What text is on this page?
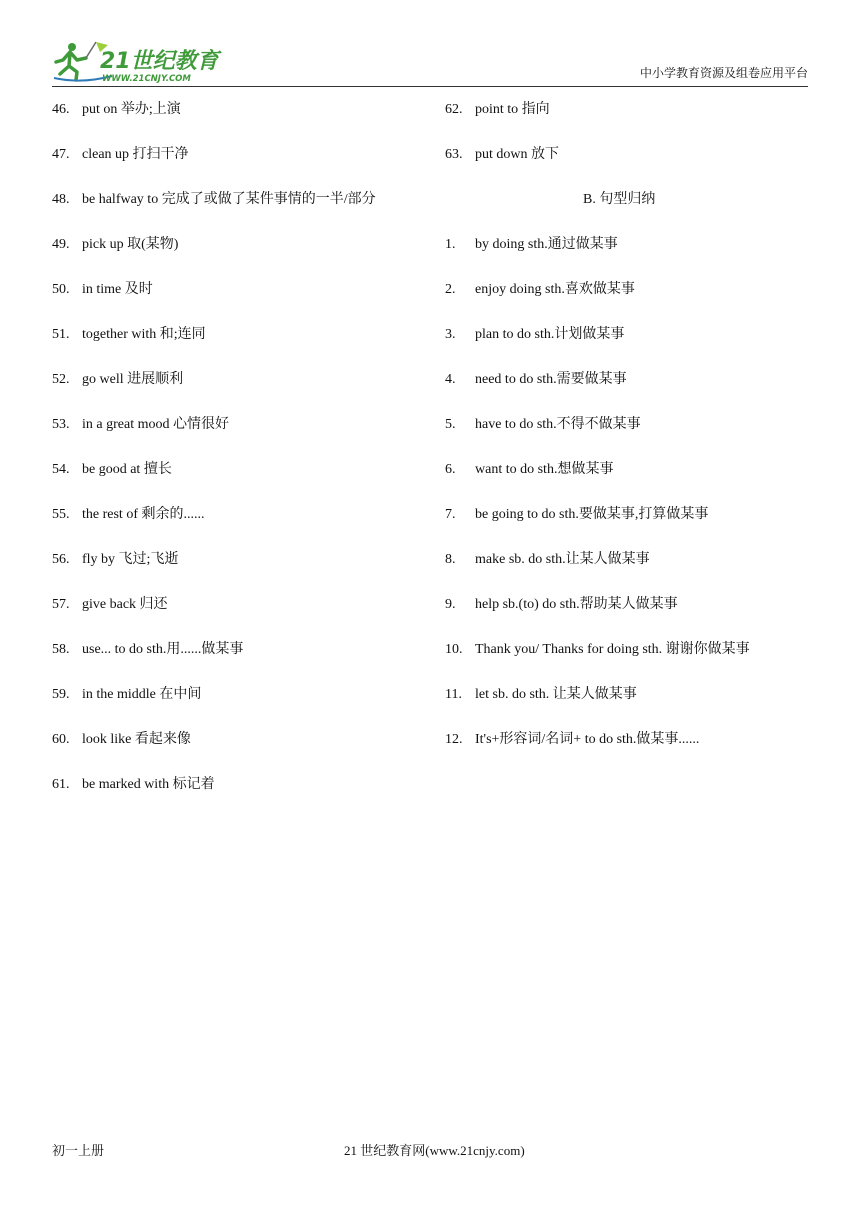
21世纪教育
WWW.21CNJY.COM	中小学教育资源及组卷应用平台
46. put on 举办;上演
47. clean up 打扫干净
48. be halfway to 完成了或做了某件事情的一半/部分
49. pick up 取(某物)
50. in time 及时
51. together with 和;连同
52. go well 进展顺利
53. in a great mood 心情很好
54. be good at 擅长
55. the rest of 剩余的......
56. fly by 飞过;飞逝
57. give back 归还
58. use... to do sth.用......做某事
59. in the middle 在中间
60. look like 看起来像
61. be marked with 标记着
62. point to 指向
63. put down 放下
B. 句型归纳
1.	by doing sth.通过做某事
2.	enjoy doing sth.喜欢做某事
3.	plan to do sth.计划做某事
4.	need to do sth.需要做某事
5.	have to do sth.不得不做某事
6.	want to do sth.想做某事
7.	be going to do sth.要做某事,打算做某事
8.	make sb. do sth.让某人做某事
9.	help sb.(to) do sth.帮助某人做某事
10. Thank you/ Thanks for doing sth. 谢谢你做某事
11. let sb. do sth. 让某人做某事
12. It's+形容词/名词+ to do sth.做某事......
初一上册	21 世纪教育网(www.21cnjy.com)
